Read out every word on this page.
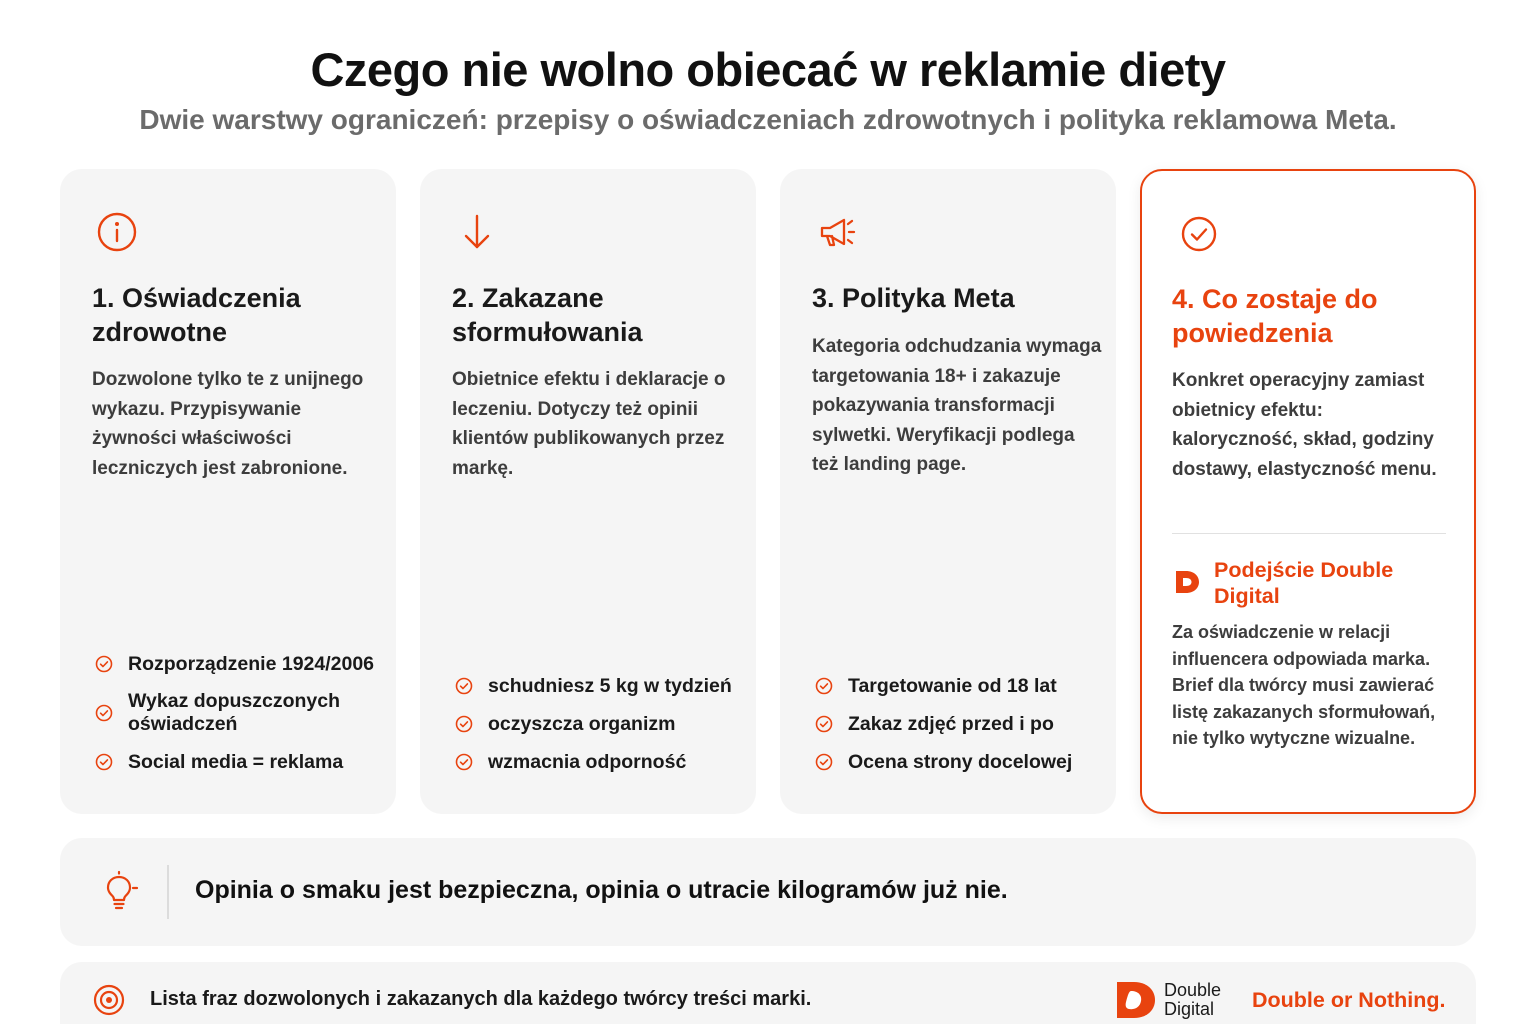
Czego nie wolno obiecać w reklamie diety
Dwie warstwy ograniczeń: przepisy o oświadczeniach zdrowotnych i polityka reklamowa Meta.
1. Oświadczenia zdrowotne

Dozwolone tylko te z unijnego wykazu. Przypisywanie żywności właściwości leczniczych jest zabronione.

Rozporządzenie 1924/2006
Wykaz dopuszczonych oświadczeń
Social media = reklama
2. Zakazane sformułowania

Obietnice efektu i deklaracje o leczeniu. Dotyczy też opinii klientów publikowanych przez markę.

schudniesz 5 kg w tydzień
oczyszcza organizm
wzmacnia odporność
3. Polityka Meta

Kategoria odchudzania wymaga targetowania 18+ i zakazuje pokazywania transformacji sylwetki. Weryfikacji podlega też landing page.

Targetowanie od 18 lat
Zakaz zdjęć przed i po
Ocena strony docelowej
4. Co zostaje do powiedzenia

Konkret operacyjny zamiast obietnicy efektu: kaloryczność, skład, godziny dostawy, elastyczność menu.

Podejście Double Digital

Za oświadczenie w relacji influencera odpowiada marka. Brief dla twórcy musi zawierać listę zakazanych sformułowań, nie tylko wytyczne wizualne.

Opinia o smaku jest bezpieczna, opinia o utracie kilogramów już nie.
Lista fraz dozwolonych i zakazanych dla każdego twórcy treści marki.	Double
Digital	Double or Nothing.
